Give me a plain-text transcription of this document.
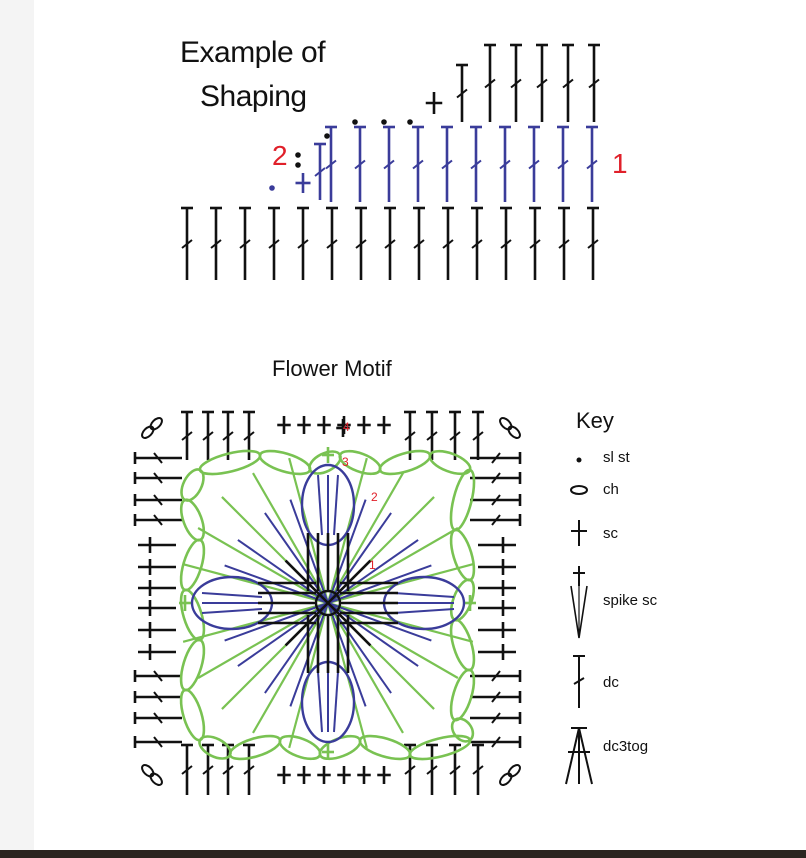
Example of
Shaping
1
2
Flower Motif
4
3
2
1
Key
sl st
ch
sc
spike sc
dc
dc3tog
